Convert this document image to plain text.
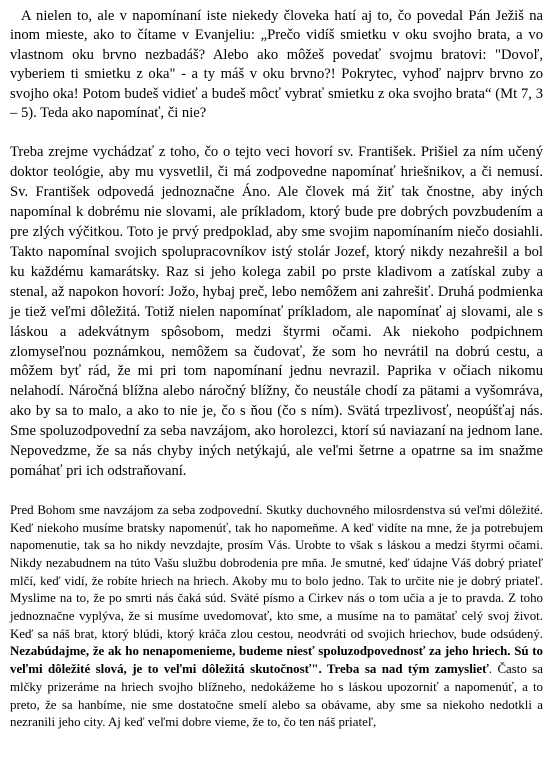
A nielen to, ale v napomínaní iste niekedy človeka hatí aj to, čo povedal Pán Ježiš na inom mieste, ako to čítame v Evanjeliu: „Prečo vidíš smietku v oku svojho brata, a vo vlastnom oku brvno nezbadáš? Alebo ako môžeš povedať svojmu bratovi: "Dovoľ, vyberiem ti smietku z oka" - a ty máš v oku brvno?! Pokrytec, vyhoď najprv brvno zo svojho oka! Potom budeš vidieť a budeš môcť vybrať smietku z oka svojho brata“ (Mt 7, 3 – 5). Teda ako napomínať, či nie?

Treba zrejme vychádzať z toho, čo o tejto veci hovorí sv. František. Prišiel za ním učený doktor teológie, aby mu vysvetlil, či má zodpovedne napomínať hriešnikov, a či nemusí. Sv. František odpovedá jednoznačne Áno. Ale človek má žiť tak čnostne, aby iných napomínal k dobrému nie slovami, ale príkladom, ktorý bude pre dobrých povzbudením a pre zlých výčitkou. Toto je prvý predpoklad, aby sme svojim napomínaním niečo dosiahli. Takto napomínal svojich spolupracovníkov istý stolár Jozef, ktorý nikdy nezahrešil a bol ku každému kamarátsky. Raz si jeho kolega zabil po prste kladivom a zatískal zuby a stenal, až napokon hovorí: Jožo, hybaj preč, lebo nemôžem ani zahrešiť. Druhá podmienka je tiež veľmi dôležitá. Totiž nielen napomínať príkladom, ale napomínať aj slovami, ale s láskou a adekvátnym spôsobom, medzi štyrmi očami. Ak niekoho podpichnem zlomyseľnou poznámkou, nemôžem sa čudovať, že som ho nevrátil na dobrú cestu, a môžem byť rád, že mi pri tom napomínaní jednu nevrazil. Paprika v očiach nikomu nelahodí. Náročná blížna alebo náročný blížny, čo neustále chodí za pätami a vyšomráva, ako by sa to malo, a ako to nie je, čo s ňou (čo s ním). Svätá trpezlivosť, neopúšťaj nás. Sme spoluzodpovední za seba navzájom, ako horolezci, ktorí sú naviazaní na jednom lane. Nepovedzme, že sa nás chyby iných netýkajú, ale veľmi šetrne a opatrne sa im snažme pomáhať pri ich odstraňovaní.

Pred Bohom sme navzájom za seba zodpovední. Skutky duchovného milosrdenstva sú veľmi dôležité. Keď niekoho musíme bratsky napomenúť, tak ho napomeňme. A keď vidíte na mne, že ja potrebujem napomenutie, tak sa ho nikdy nevzdajte, prosím Vás. Urobte to však s láskou a medzi štyrmi očami. Nikdy nezabudnem na túto Vašu službu dobrodenia pre mňa. Je smutné, keď údajne Váš dobrý priateľ mlčí, keď vidí, že robíte hriech na hriech. Akoby mu to bolo jedno. Tak to určite nie je dobrý priateľ. Myslime na to, že po smrti nás čaká súd. Sväté písmo a Cirkev nás o tom učia a je to pravda. Z toho jednoznačne vyplýva, že si musíme uvedomovať, kto sme, a musíme na to pamätať celý svoj život. Keď sa náš brat, ktorý blúdi, ktorý kráča zlou cestou, neodvráti od svojich hriechov, bude odsúdený. Nezabúdajme, že ak ho nenapomenieme, budeme niesť spoluzodpovednosť za jeho hriech. Sú to veľmi dôležité slová, je to veľmi dôležitá skutočnosť". Treba sa nad tým zamyslieť. Často sa mlčky prizeráme na hriech svojho blížneho, nedokážeme ho s láskou upozorniť a napomenúť, a to preto, že sa hanbíme, nie sme dostatočne smelí alebo sa obávame, aby sme sa niekoho nedotkli a nezranili jeho city. Aj keď veľmi dobre vieme, že to, čo ten náš priateľ,
